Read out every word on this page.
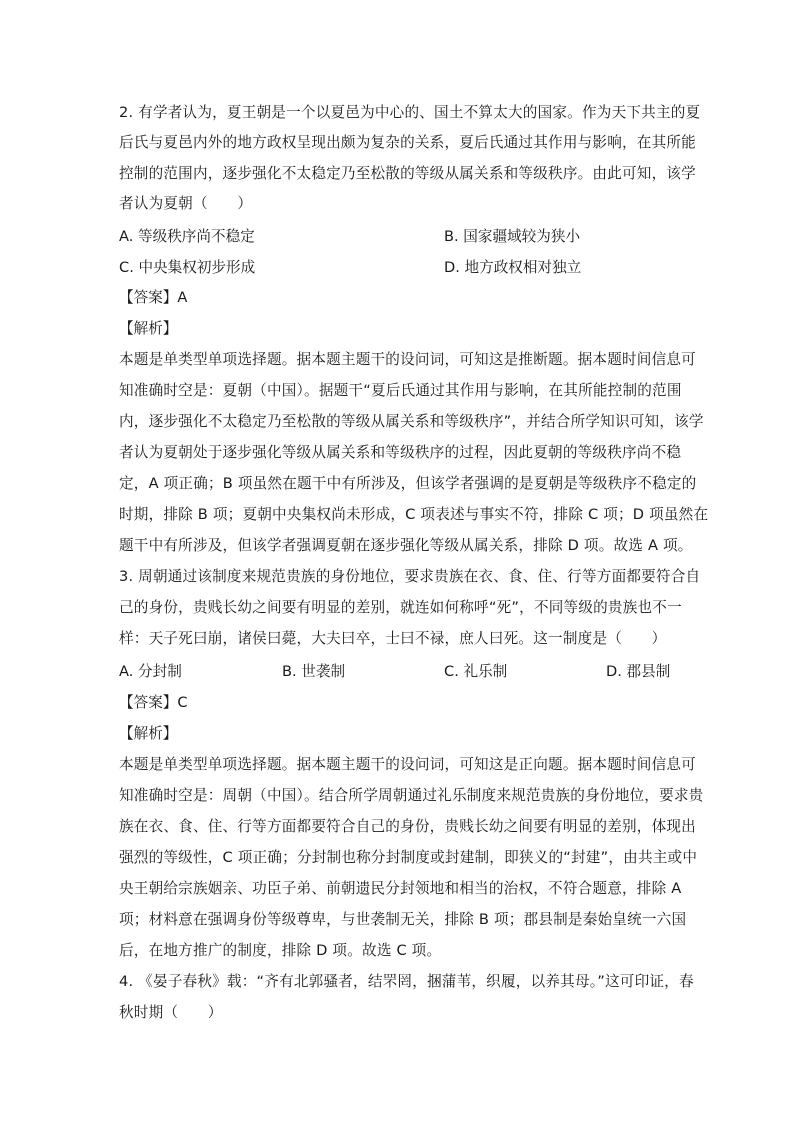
2. 有学者认为，夏王朝是一个以夏邑为中心的、国土不算太大的国家。作为天下共主的夏
后氏与夏邑内外的地方政权呈现出颇为复杂的关系，夏后氏通过其作用与影响，在其所能
控制的范围内，逐步强化不太稳定乃至松散的等级从属关系和等级秩序。由此可知，该学
者认为夏朝（　　）
A. 等级秩序尚不稳定	B. 国家疆域较为狭小
C. 中央集权初步形成	D. 地方政权相对独立
【答案】A
【解析】
本题是单类型单项选择题。据本题主题干的设问词，可知这是推断题。据本题时间信息可
知准确时空是：夏朝（中国）。据题干“夏后氏通过其作用与影响，在其所能控制的范围
内，逐步强化不太稳定乃至松散的等级从属关系和等级秩序”，并结合所学知识可知，该学
者认为夏朝处于逐步强化等级从属关系和等级秩序的过程，因此夏朝的等级秩序尚不稳
定，A 项正确；B 项虽然在题干中有所涉及，但该学者强调的是夏朝是等级秩序不稳定的
时期，排除 B 项；夏朝中央集权尚未形成，C 项表述与事实不符，排除 C 项；D 项虽然在
题干中有所涉及，但该学者强调夏朝在逐步强化等级从属关系，排除 D 项。故选 A 项。
3. 周朝通过该制度来规范贵族的身份地位，要求贵族在衣、食、住、行等方面都要符合自
己的身份，贵贱长幼之间要有明显的差别，就连如何称呼“死”，不同等级的贵族也不一
样：天子死曰崩，诸侯曰薨，大夫曰卒，士曰不禄，庶人曰死。这一制度是（　　）
A. 分封制	B. 世袭制	C. 礼乐制	D. 郡县制
【答案】C
【解析】
本题是单类型单项选择题。据本题主题干的设问词，可知这是正向题。据本题时间信息可
知准确时空是：周朝（中国）。结合所学周朝通过礼乐制度来规范贵族的身份地位，要求贵
族在衣、食、住、行等方面都要符合自己的身份，贵贱长幼之间要有明显的差别，体现出
强烈的等级性，C 项正确；分封制也称分封制度或封建制，即狭义的“封建”，由共主或中
央王朝给宗族姻亲、功臣子弟、前朝遗民分封领地和相当的治权，不符合题意，排除 A
项；材料意在强调身份等级尊卑，与世袭制无关，排除 B 项；郡县制是秦始皇统一六国
后，在地方推广的制度，排除 D 项。故选 C 项。
4. 《晏子春秋》载：“齐有北郭骚者，结罘罔，捆蒲苇，织履，以养其母。”这可印证，春
秋时期（　　）
